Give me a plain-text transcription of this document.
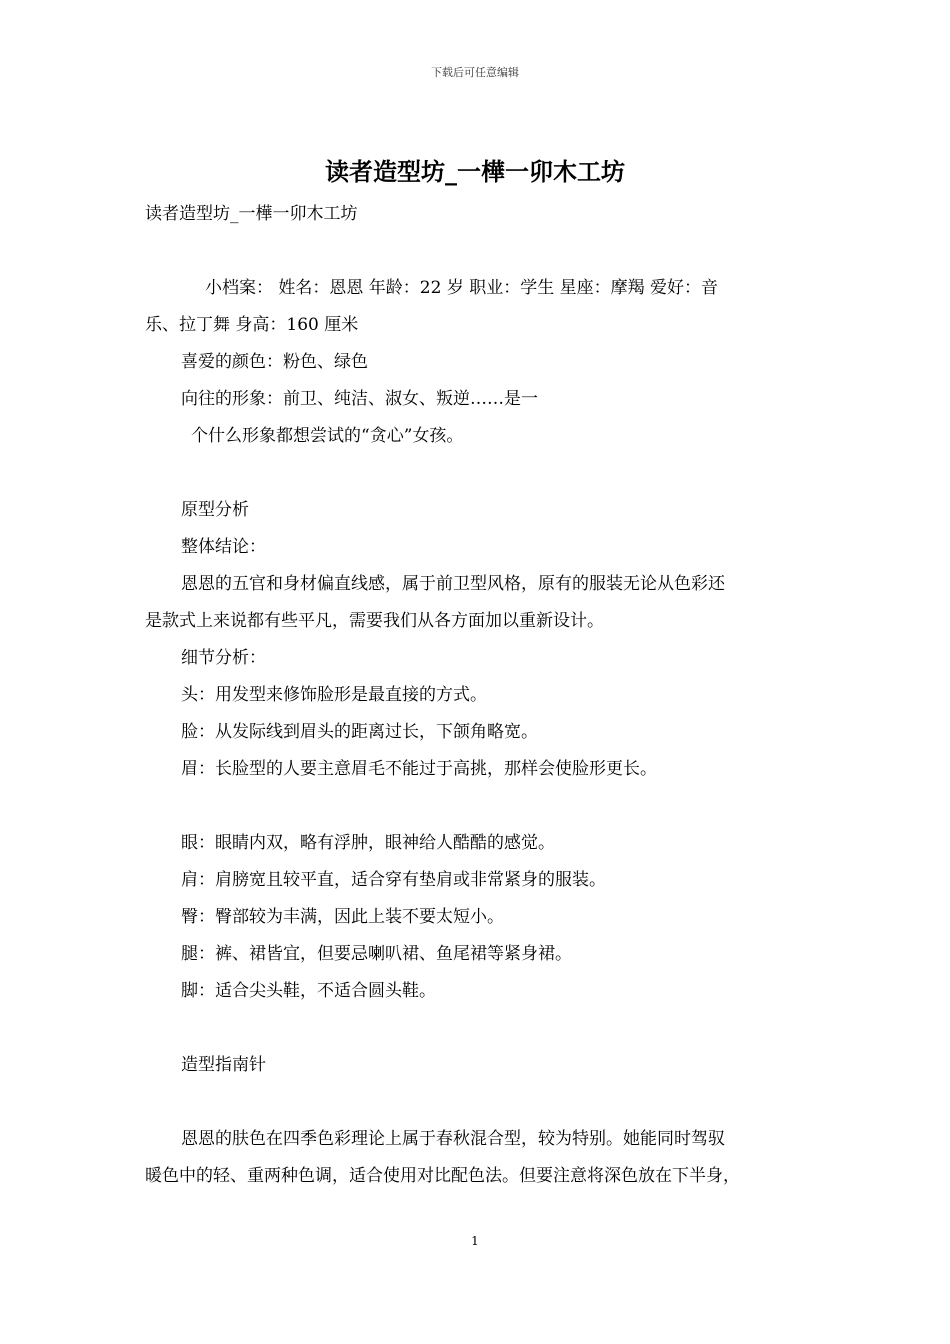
下载后可任意编辑
读者造型坊_一樺一卯木工坊
读者造型坊_一樺一卯木工坊
小档案： 姓名：恩恩 年龄：22 岁 职业：学生 星座：摩羯 爱好：音
乐、拉丁舞 身高：160 厘米
喜爱的颜色：粉色、绿色
向往的形象：前卫、纯洁、淑女、叛逆……是一
个什么形象都想尝试的“贪心”女孩。
原型分析
整体结论：
恩恩的五官和身材偏直线感，属于前卫型风格，原有的服装无论从色彩还
是款式上来说都有些平凡，需要我们从各方面加以重新设计。
细节分析：
头：用发型来修饰脸形是最直接的方式。
脸：从发际线到眉头的距离过长，下颌角略宽。
眉：长脸型的人要主意眉毛不能过于高挑，那样会使脸形更长。
眼：眼睛内双，略有浮肿，眼神给人酷酷的感觉。
肩：肩膀宽且较平直，适合穿有垫肩或非常紧身的服装。
臀：臀部较为丰满，因此上装不要太短小。
腿：裤、裙皆宜，但要忌喇叭裙、鱼尾裙等紧身裙。
脚：适合尖头鞋，不适合圆头鞋。
造型指南针
恩恩的肤色在四季色彩理论上属于春秋混合型，较为特别。她能同时驾驭
暖色中的轻、重两种色调，适合使用对比配色法。但要注意将深色放在下半身，
1
